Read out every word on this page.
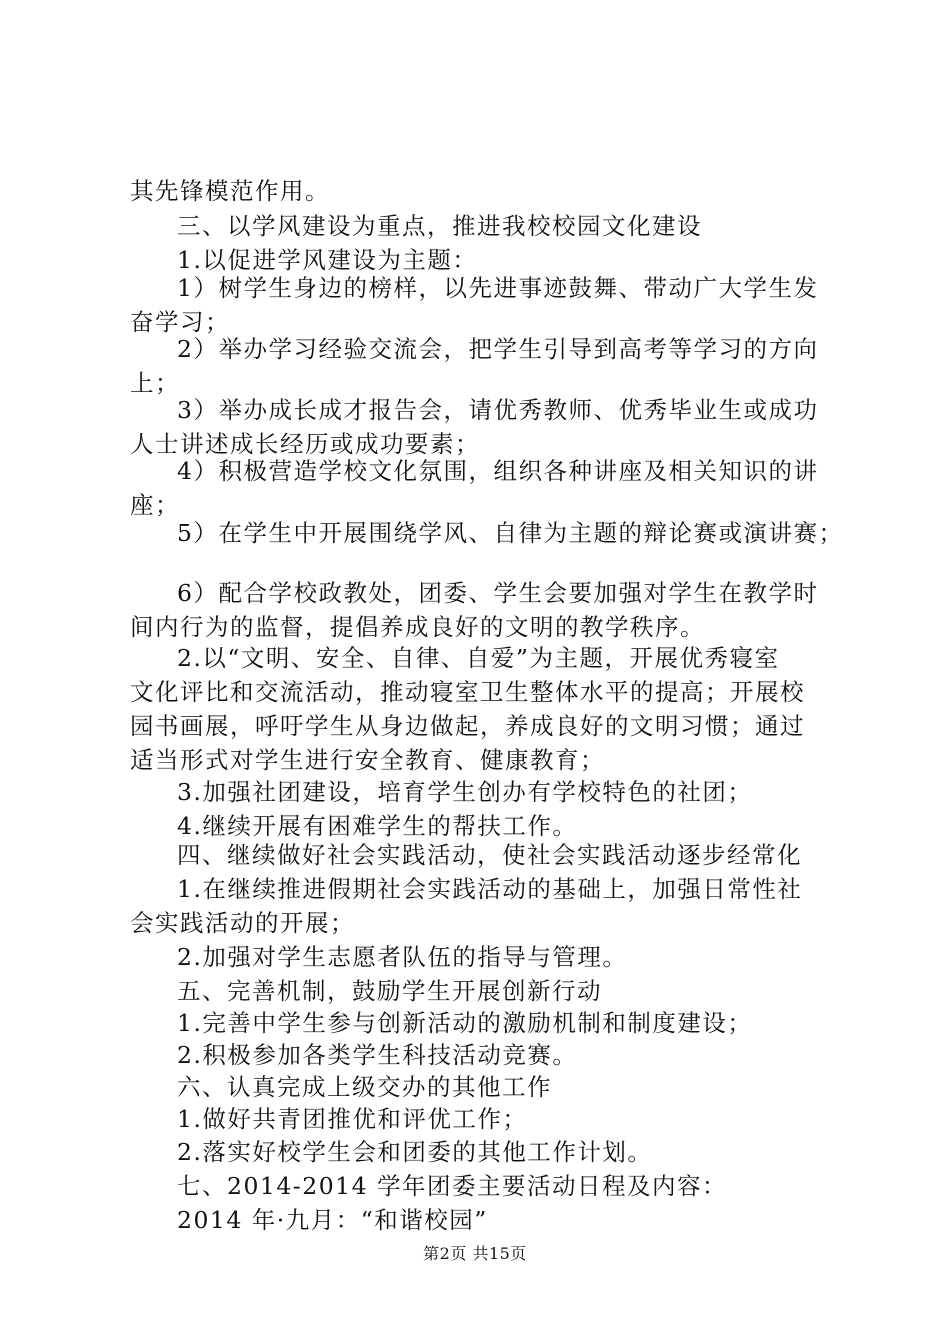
其先锋模范作用。
三、以学风建设为重点，推进我校校园文化建设
1.以促进学风建设为主题：
1）树学生身边的榜样，以先进事迹鼓舞、带动广大学生发
奋学习；
2）举办学习经验交流会，把学生引导到高考等学习的方向
上；
3）举办成长成才报告会，请优秀教师、优秀毕业生或成功
人士讲述成长经历或成功要素；
4）积极营造学校文化氛围，组织各种讲座及相关知识的讲
座；
5）在学生中开展围绕学风、自律为主题的辩论赛或演讲赛；
6）配合学校政教处，团委、学生会要加强对学生在教学时
间内行为的监督，提倡养成良好的文明的教学秩序。
2.以“文明、安全、自律、自爱”为主题，开展优秀寝室
文化评比和交流活动，推动寝室卫生整体水平的提高；开展校
园书画展，呼吁学生从身边做起，养成良好的文明习惯；通过
适当形式对学生进行安全教育、健康教育；
3.加强社团建设，培育学生创办有学校特色的社团；
4.继续开展有困难学生的帮扶工作。
四、继续做好社会实践活动，使社会实践活动逐步经常化
1.在继续推进假期社会实践活动的基础上，加强日常性社
会实践活动的开展；
2.加强对学生志愿者队伍的指导与管理。
五、完善机制，鼓励学生开展创新行动
1.完善中学生参与创新活动的激励机制和制度建设；
2.积极参加各类学生科技活动竞赛。
六、认真完成上级交办的其他工作
1.做好共青团推优和评优工作；
2.落实好校学生会和团委的其他工作计划。
七、2014-2014 学年团委主要活动日程及内容：
2014 年·九月：“和谐校园”
第2页 共15页
